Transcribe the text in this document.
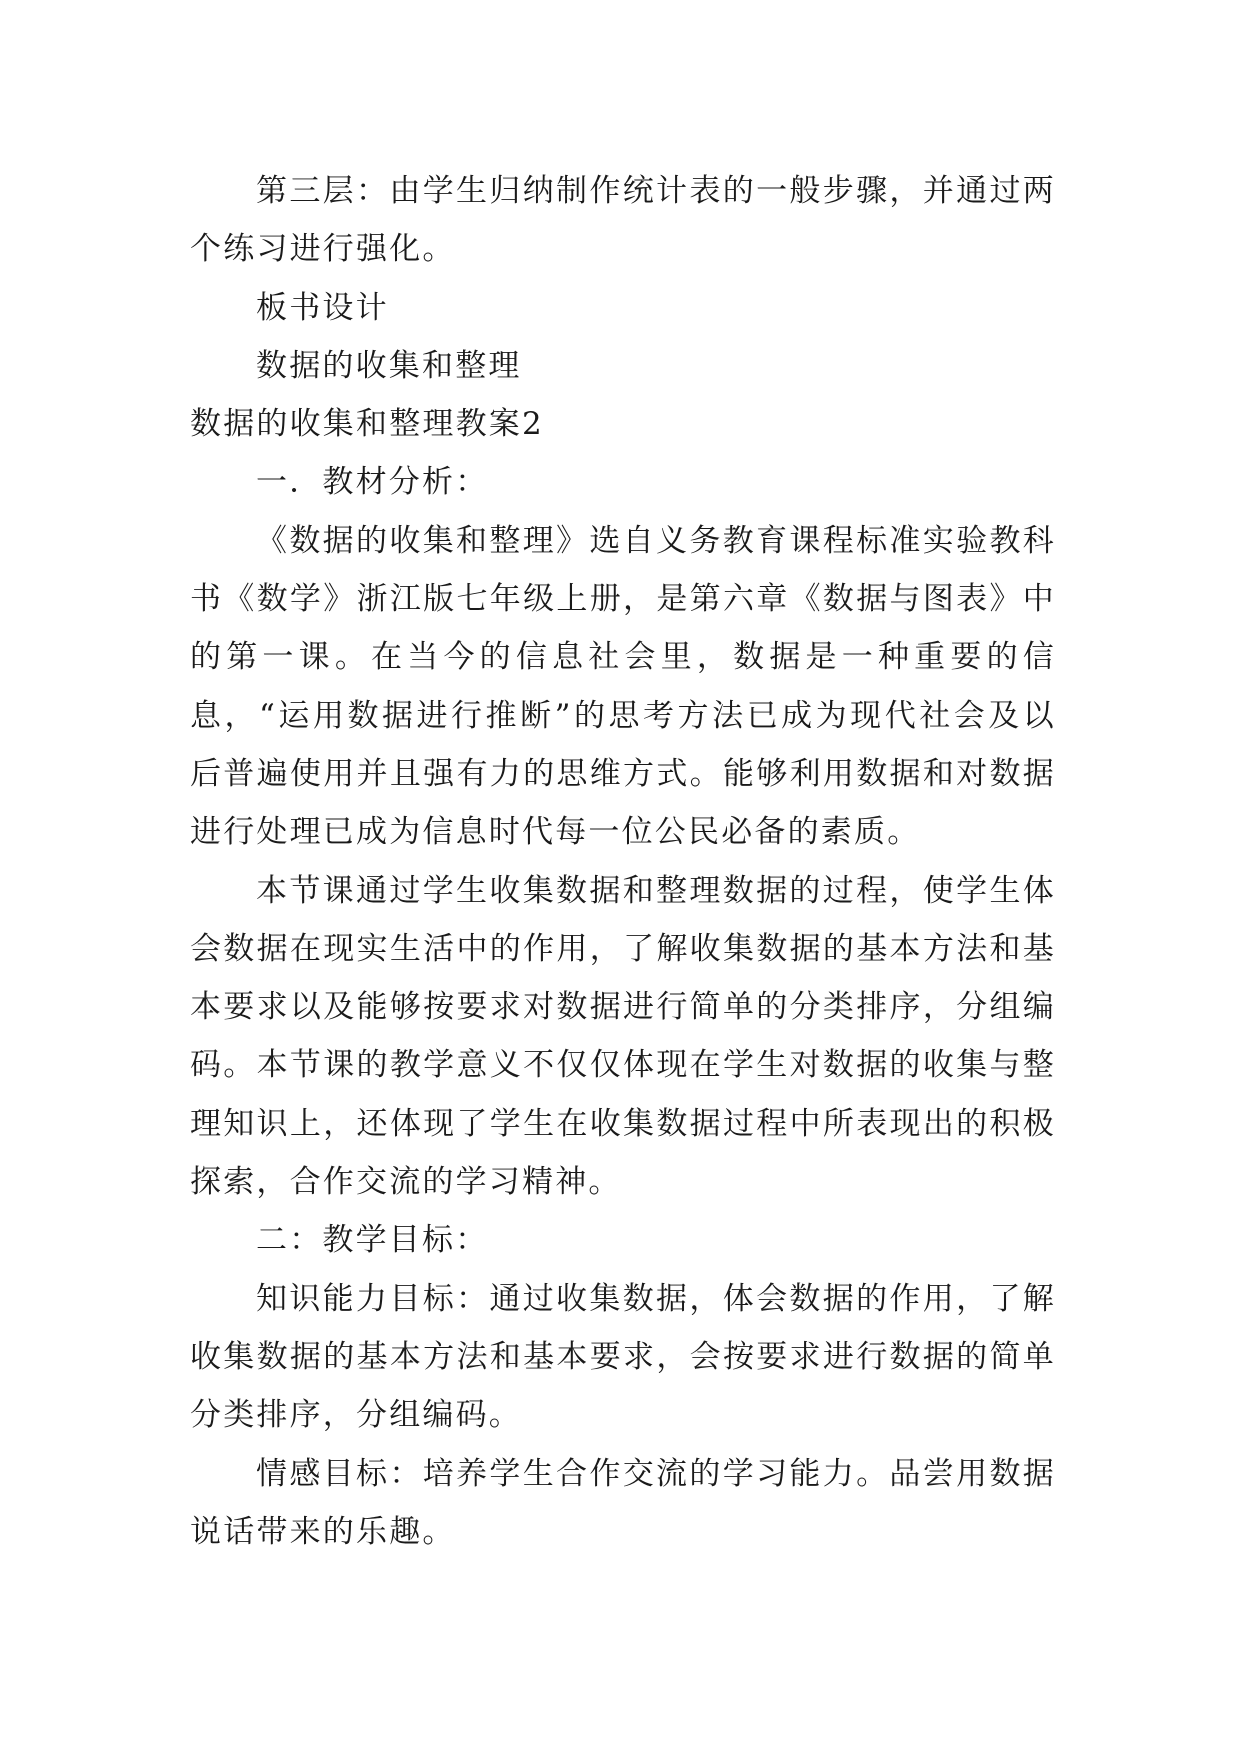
第三层：由学生归纳制作统计表的一般步骤，并通过两个练习进行强化。

板书设计

数据的收集和整理

数据的收集和整理教案2

一．教材分析：

《数据的收集和整理》选自义务教育课程标准实验教科书《数学》浙江版七年级上册，是第六章《数据与图表》中的第一课。在当今的信息社会里，数据是一种重要的信息，“运用数据进行推断”的思考方法已成为现代社会及以后普遍使用并且强有力的思维方式。能够利用数据和对数据进行处理已成为信息时代每一位公民必备的素质。

本节课通过学生收集数据和整理数据的过程，使学生体会数据在现实生活中的作用，了解收集数据的基本方法和基本要求以及能够按要求对数据进行简单的分类排序，分组编码。本节课的教学意义不仅仅体现在学生对数据的收集与整理知识上，还体现了学生在收集数据过程中所表现出的积极探索，合作交流的学习精神。

二：教学目标：

知识能力目标：通过收集数据，体会数据的作用，了解收集数据的基本方法和基本要求，会按要求进行数据的简单分类排序，分组编码。

情感目标：培养学生合作交流的学习能力。品尝用数据说话带来的乐趣。
